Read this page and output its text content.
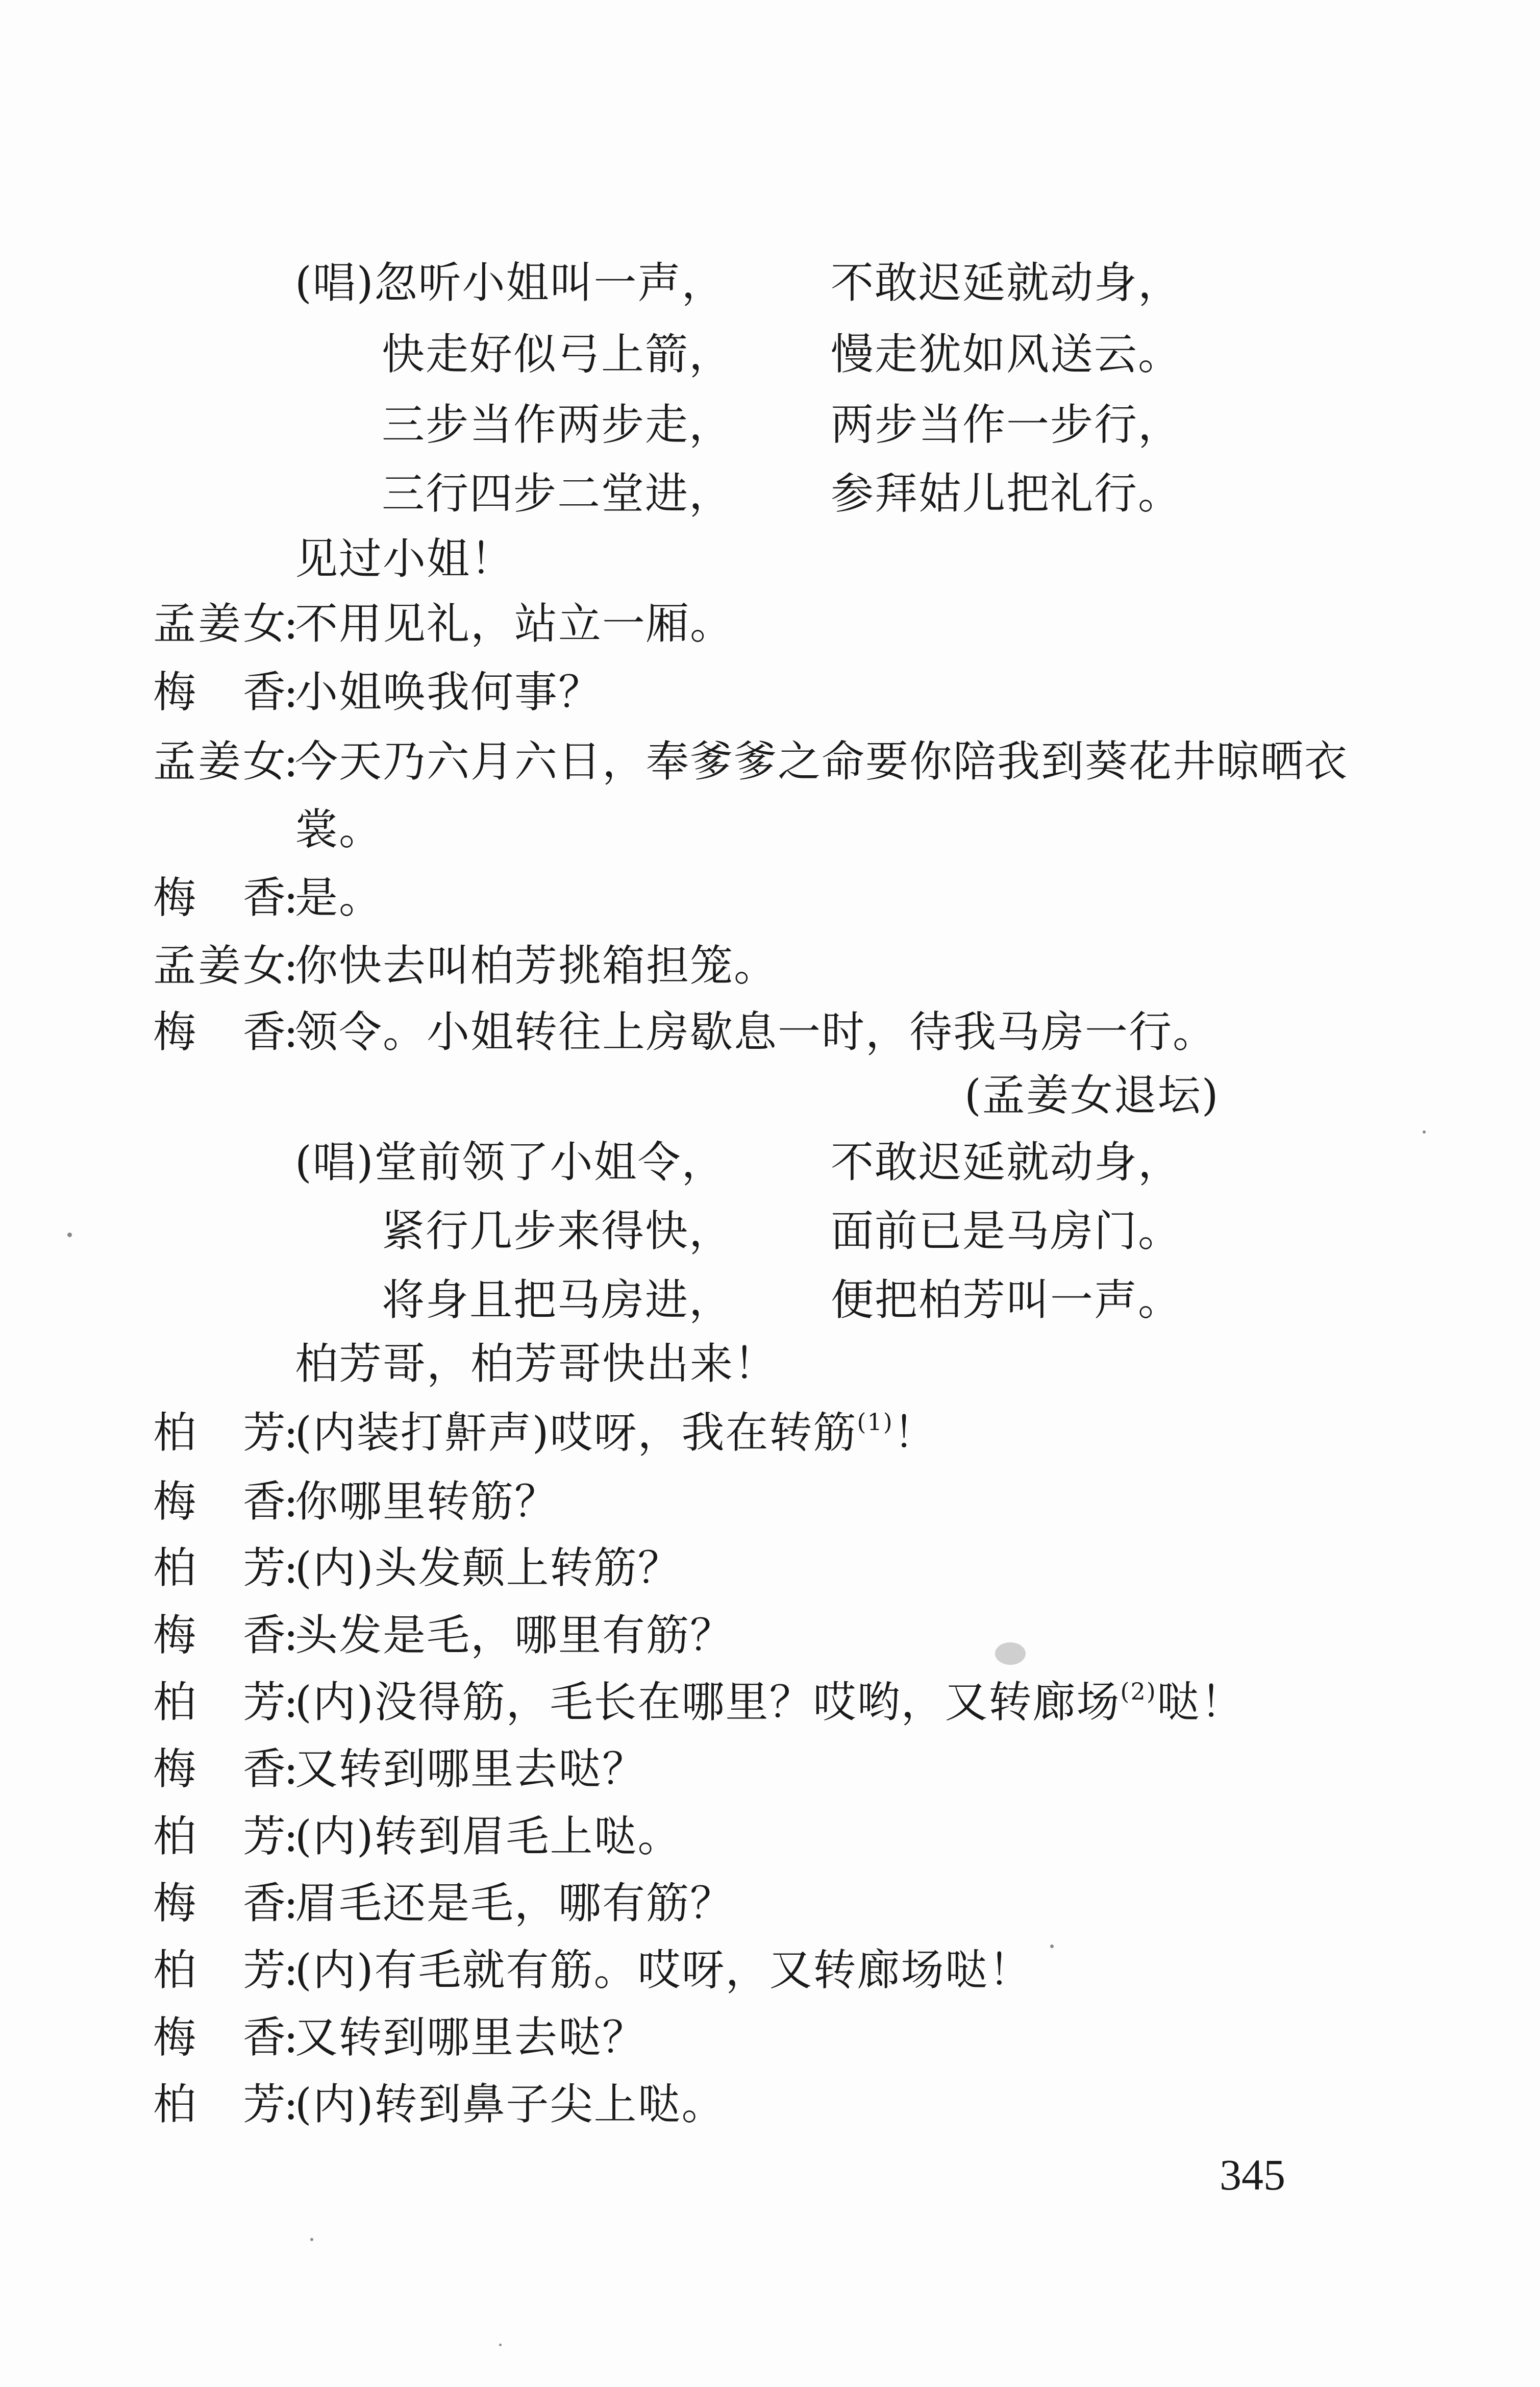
(唱)忽听小姐叫一声， 不敢迟延就动身，
快走好似弓上箭， 慢走犹如风送云。
三步当作两步走， 两步当作一步行，
三行四步二堂进， 参拜姑儿把礼行。
见过小姐！
孟 姜 女
:
不用见礼，站立一厢。
梅 香
:
小姐唤我何事？
孟 姜 女
:
今天乃六月六日，奉爹爹之命要你陪我到葵花井晾晒衣
裳。
梅 香
:
是。
孟 姜 女
:
你快去叫柏芳挑箱担笼。
梅 香
:
领令。小姐转往上房歇息一时，待我马房一行。
(孟姜女退坛)
(唱)堂前领了小姐令， 不敢迟延就动身，
紧行几步来得快， 面前已是马房门。
将身且把马房进， 便把柏芳叫一声。
柏芳哥，柏芳哥快出来！
柏 芳
:
(内装打鼾声)哎呀，我在转筋$^{(1)}$！
梅 香
:
你哪里转筋？
柏 芳
:
(内)头发颠上转筋？
梅 香
:
头发是毛，哪里有筋？
柏 芳
:
(内)没得筋，毛长在哪里？哎哟，又转廊场$^{(2)}$哒！
梅 香
:
又转到哪里去哒？
柏 芳
:
(内)转到眉毛上哒。
梅 香
:
眉毛还是毛，哪有筋？
柏 芳
:
(内)有毛就有筋。哎呀，又转廊场哒！
梅 香
:
又转到哪里去哒？
柏 芳
:
(内)转到鼻子尖上哒。
345
